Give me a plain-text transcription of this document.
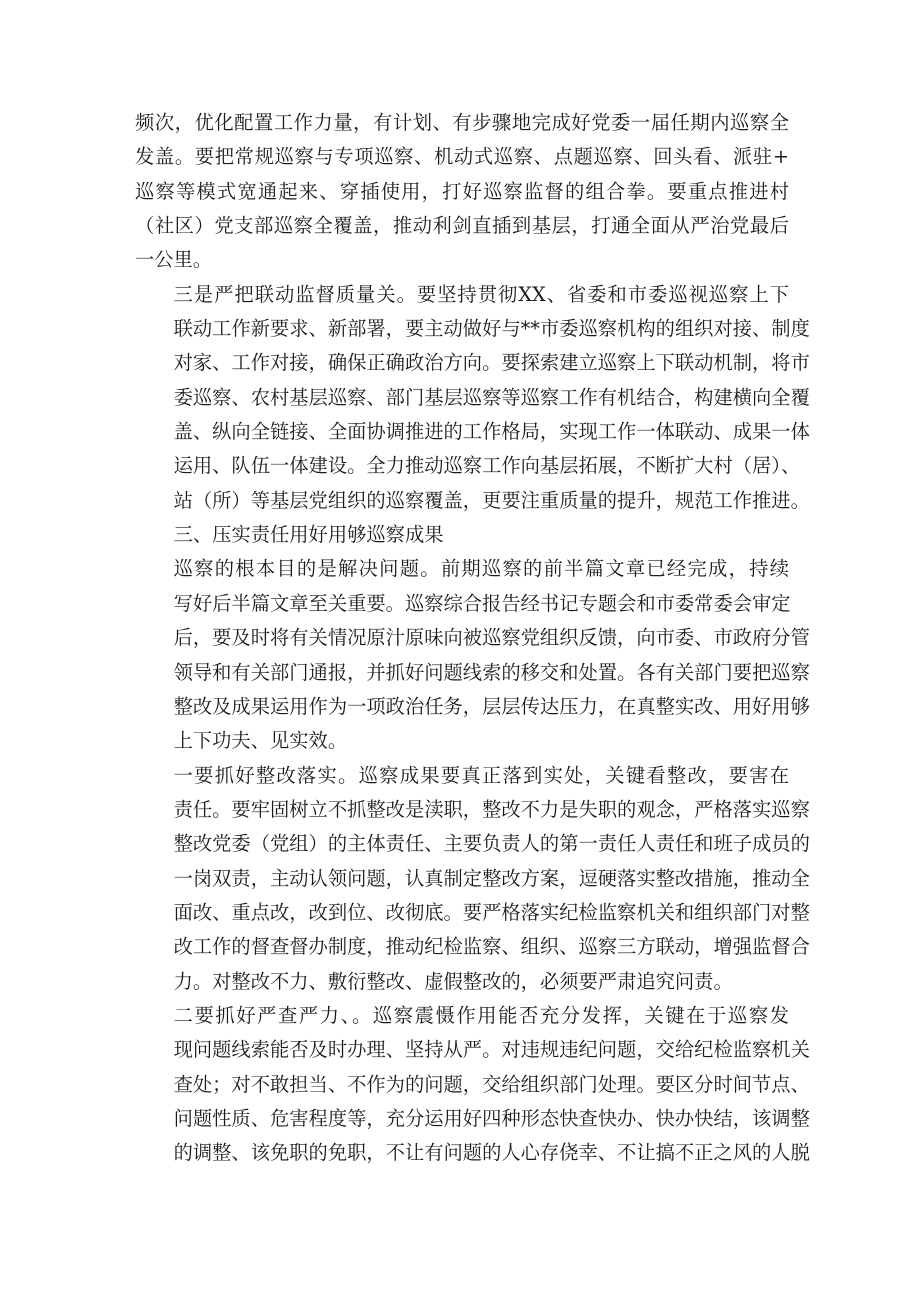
频次，优化配置工作力量，有计划、有步骤地完成好党委一届任期内巡察全
发盖。要把常规巡察与专项巡察、机动式巡察、点题巡察、回头看、派驻+
巡察等模式宽通起来、穿插使用，打好巡察监督的组合拳。要重点推进村
（社区）党支部巡察全覆盖，推动利剑直插到基层，打通全面从严治党最后
一公里。
三是严把联动监督质量关。要坚持贯彻XX、省委和市委巡视巡察上下
联动工作新要求、新部署，要主动做好与**市委巡察机构的组织对接、制度
对家、工作对接，确保正确政治方向。要探索建立巡察上下联动机制，将市
委巡察、农村基层巡察、部门基层巡察等巡察工作有机结合，构建横向全覆
盖、纵向全链接、全面协调推进的工作格局，实现工作一体联动、成果一体
运用、队伍一体建设。全力推动巡察工作向基层拓展，不断扩大村（居）、
站（所）等基层党组织的巡察覆盖，更要注重质量的提升，规范工作推进。
三、压实责任用好用够巡察成果
巡察的根本目的是解决问题。前期巡察的前半篇文章已经完成，持续
写好后半篇文章至关重要。巡察综合报告经书记专题会和市委常委会审定
后，要及时将有关情况原汁原味向被巡察党组织反馈，向市委、市政府分管
领导和有关部门通报，并抓好问题线索的移交和处置。各有关部门要把巡察
整改及成果运用作为一项政治任务，层层传达压力，在真整实改、用好用够
上下功夫、见实效。
一要抓好整改落实。巡察成果要真正落到实处，关键看整改，要害在
责任。要牢固树立不抓整改是渎职，整改不力是失职的观念，严格落实巡察
整改党委（党组）的主体责任、主要负责人的第一责任人责任和班子成员的
一岗双责，主动认领问题，认真制定整改方案，逗硬落实整改措施，推动全
面改、重点改，改到位、改彻底。要严格落实纪检监察机关和组织部门对整
改工作的督查督办制度，推动纪检监察、组织、巡察三方联动，增强监督合
力。对整改不力、敷衍整改、虚假整改的，必须要严肃追究问责。
二要抓好严查严力、。巡察震慑作用能否充分发挥，关键在于巡察发
现问题线索能否及时办理、坚持从严。对违规违纪问题，交给纪检监察机关
查处；对不敢担当、不作为的问题，交给组织部门处理。要区分时间节点、
问题性质、危害程度等，充分运用好四种形态快查快办、快办快结，该调整
的调整、该免职的免职，不让有问题的人心存侥幸、不让搞不正之风的人脱
